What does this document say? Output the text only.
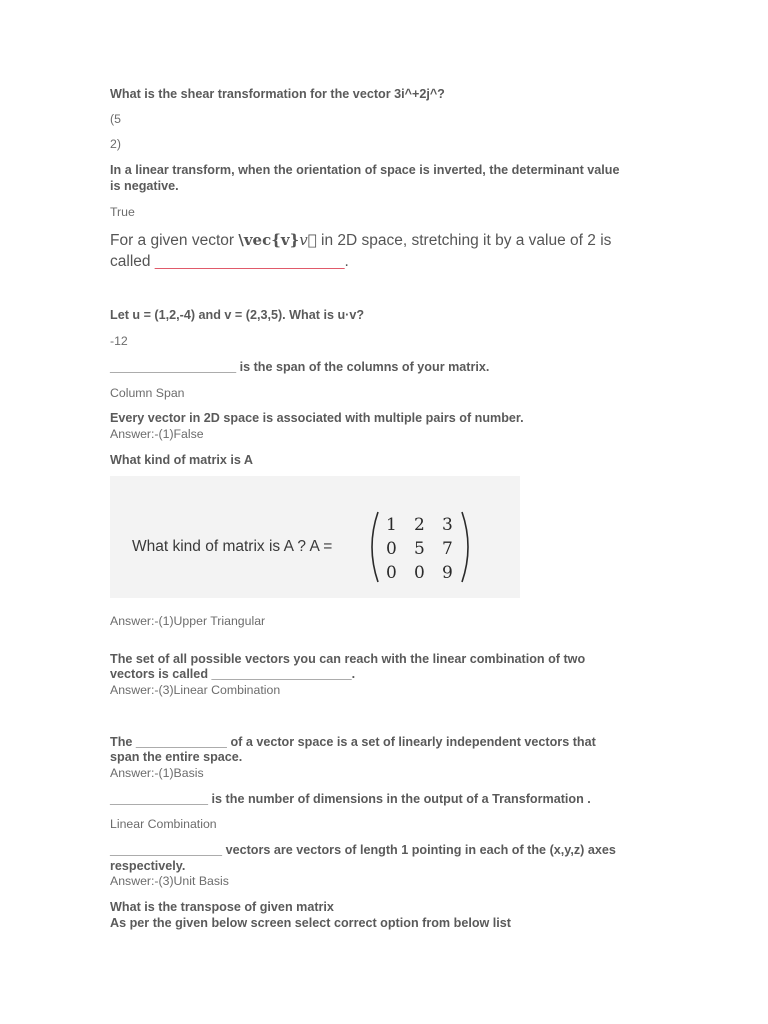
What is the shear transformation for the vector 3i^+2j^?

(5

2)

In a linear transform, when the orientation of space is inverted, the determinant value

is negative.

True

For a given vector \vec{v}v⃗ in 2D space, stretching it by a value of 2 is

called ______________________.

Let u = (1,2,-4) and v = (2,3,5). What is u·v?

-12

__________________ is the span of the columns of your matrix.

Column Span

Every vector in 2D space is associated with multiple pairs of number.

Answer:-(1)False

What kind of matrix is A

What kind of matrix is A ? A =
1 2 3
0 5 7
0 0 9

Answer:-(1)Upper Triangular

The set of all possible vectors you can reach with the linear combination of two

vectors is called ____________________.

Answer:-(3)Linear Combination

The _____________ of a vector space is a set of linearly independent vectors that

span the entire space.

Answer:-(1)Basis

______________ is the number of dimensions in the output of a Transformation .

Linear Combination

________________ vectors are vectors of length 1 pointing in each of the (x,y,z) axes

respectively.

Answer:-(3)Unit Basis

What is the transpose of given matrix

As per the given below screen select correct option from below list
